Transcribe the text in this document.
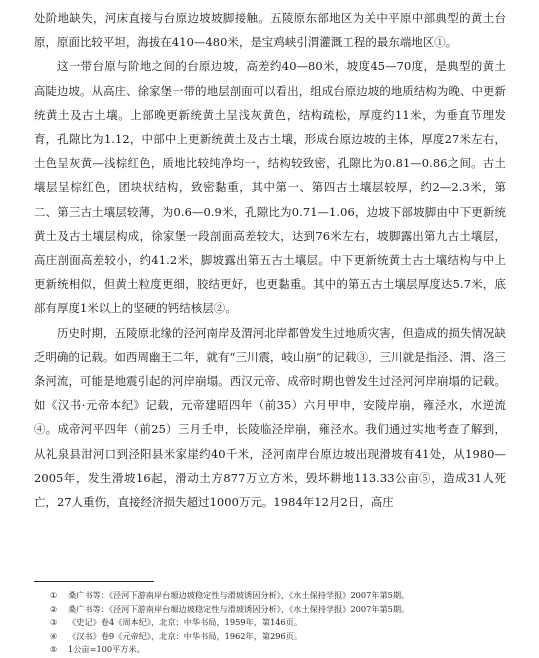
处阶地缺失，河床直接与台原边坡坡脚接触。五陵原东部地区为关中平原中部典型的黄土台原，原面比较平坦，海拔在410—480米，是宝鸡峡引渭灌溉工程的最东端地区①。

这一带台原与阶地之间的台原边坡，高差约40—80米，坡度45—70度，是典型的黄土高陡边坡。从高庄、徐家堡一带的地层剖面可以看出，组成台原边坡的地质结构为晚、中更新统黄土及古土壤。上部晚更新统黄土呈浅灰黄色，结构疏松，厚度约11米，为垂直节理发育，孔隙比为1.12，中部中上更新统黄土及古土壤，形成台原边坡的主体，厚度27米左右，土色呈灰黄—浅棕红色，质地比较纯净均一，结构较致密，孔隙比为0.81—0.86之间。古土壤层呈棕红色，团块状结构，致密黏重，其中第一、第四古土壤层较厚，约2—2.3米，第二、第三古土壤层较薄，为0.6—0.9米，孔隙比为0.71—1.06，边坡下部坡脚由中下更新统黄土及古土壤层构成，徐家堡一段剖面高差较大，达到76米左右，坡脚露出第九古土壤层，高庄剖面高差较小，约41.2米，脚坡露出第五古土壤层。中下更新统黄土古土壤结构与中上更新统相似，但黄土粒度更细，胶结更好，也更黏重。其中的第五古土壤层厚度达5.7米，底部有厚度1米以上的坚硬的钙结核层②。

历史时期，五陵原北缘的泾河南岸及渭河北岸都曾发生过地质灾害，但造成的损失情况缺乏明确的记载。如西周幽王二年，就有“三川震，岐山崩”的记载③，三川就是指泾、渭、洛三条河流，可能是地震引起的河岸崩塌。西汉元帝、成帝时期也曾发生过泾河河岸崩塌的记载。如《汉书·元帝本纪》记载，元帝建昭四年（前35）六月甲申，安陵岸崩，雍泾水，水逆流④。成帝河平四年（前25）三月壬申，长陵临泾岸崩，雍泾水。我们通过实地考查了解到，从礼泉县泔河口到泾阳县米家崖约40千米，泾河南岸台原边坡出现滑坡有41处，从1980—2005年，发生滑坡16起，滑动土方877万立方米，毁坏耕地113.33公亩⑤，造成31人死亡，27人重伤，直接经济损失超过1000万元。1984年12月2日，高庄

①	桑广书等：《泾河下游南岸台塬边坡稳定性与滑坡诱因分析》，《水土保持学报》2007年第5期。
②	桑广书等：《泾河下游南岸台塬边坡稳定性与滑坡诱因分析》，《水土保持学报》2007年第5期。
③	《史记》卷4《周本纪》，北京：中华书局，1959年，第146页。
④	《汉书》卷9《元帝纪》，北京：中华书局，1962年，第296页。
⑤	1公亩=100平方米。
